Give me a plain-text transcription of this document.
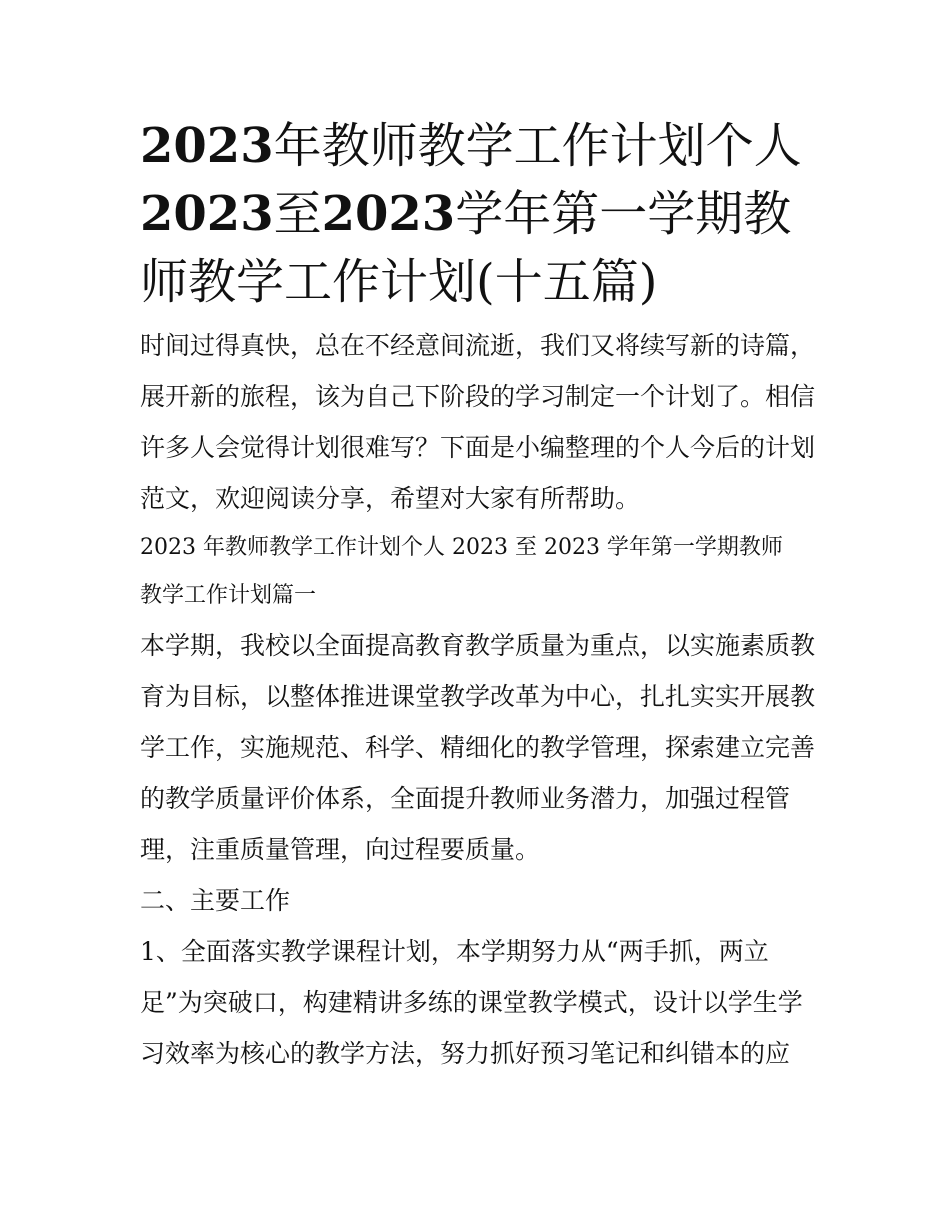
2023年教师教学工作计划个人
2023至2023学年第一学期教
师教学工作计划(十五篇)
时间过得真快，总在不经意间流逝，我们又将续写新的诗篇，
展开新的旅程，该为自己下阶段的学习制定一个计划了。相信
许多人会觉得计划很难写？下面是小编整理的个人今后的计划
范文，欢迎阅读分享，希望对大家有所帮助。
2023 年教师教学工作计划个人 2023 至 2023 学年第一学期教师
教学工作计划篇一
本学期，我校以全面提高教育教学质量为重点，以实施素质教
育为目标，以整体推进课堂教学改革为中心，扎扎实实开展教
学工作，实施规范、科学、精细化的教学管理，探索建立完善
的教学质量评价体系，全面提升教师业务潜力，加强过程管
理，注重质量管理，向过程要质量。
二、主要工作
1、全面落实教学课程计划，本学期努力从“两手抓，两立
足”为突破口，构建精讲多练的课堂教学模式，设计以学生学
习效率为核心的教学方法，努力抓好预习笔记和纠错本的应
